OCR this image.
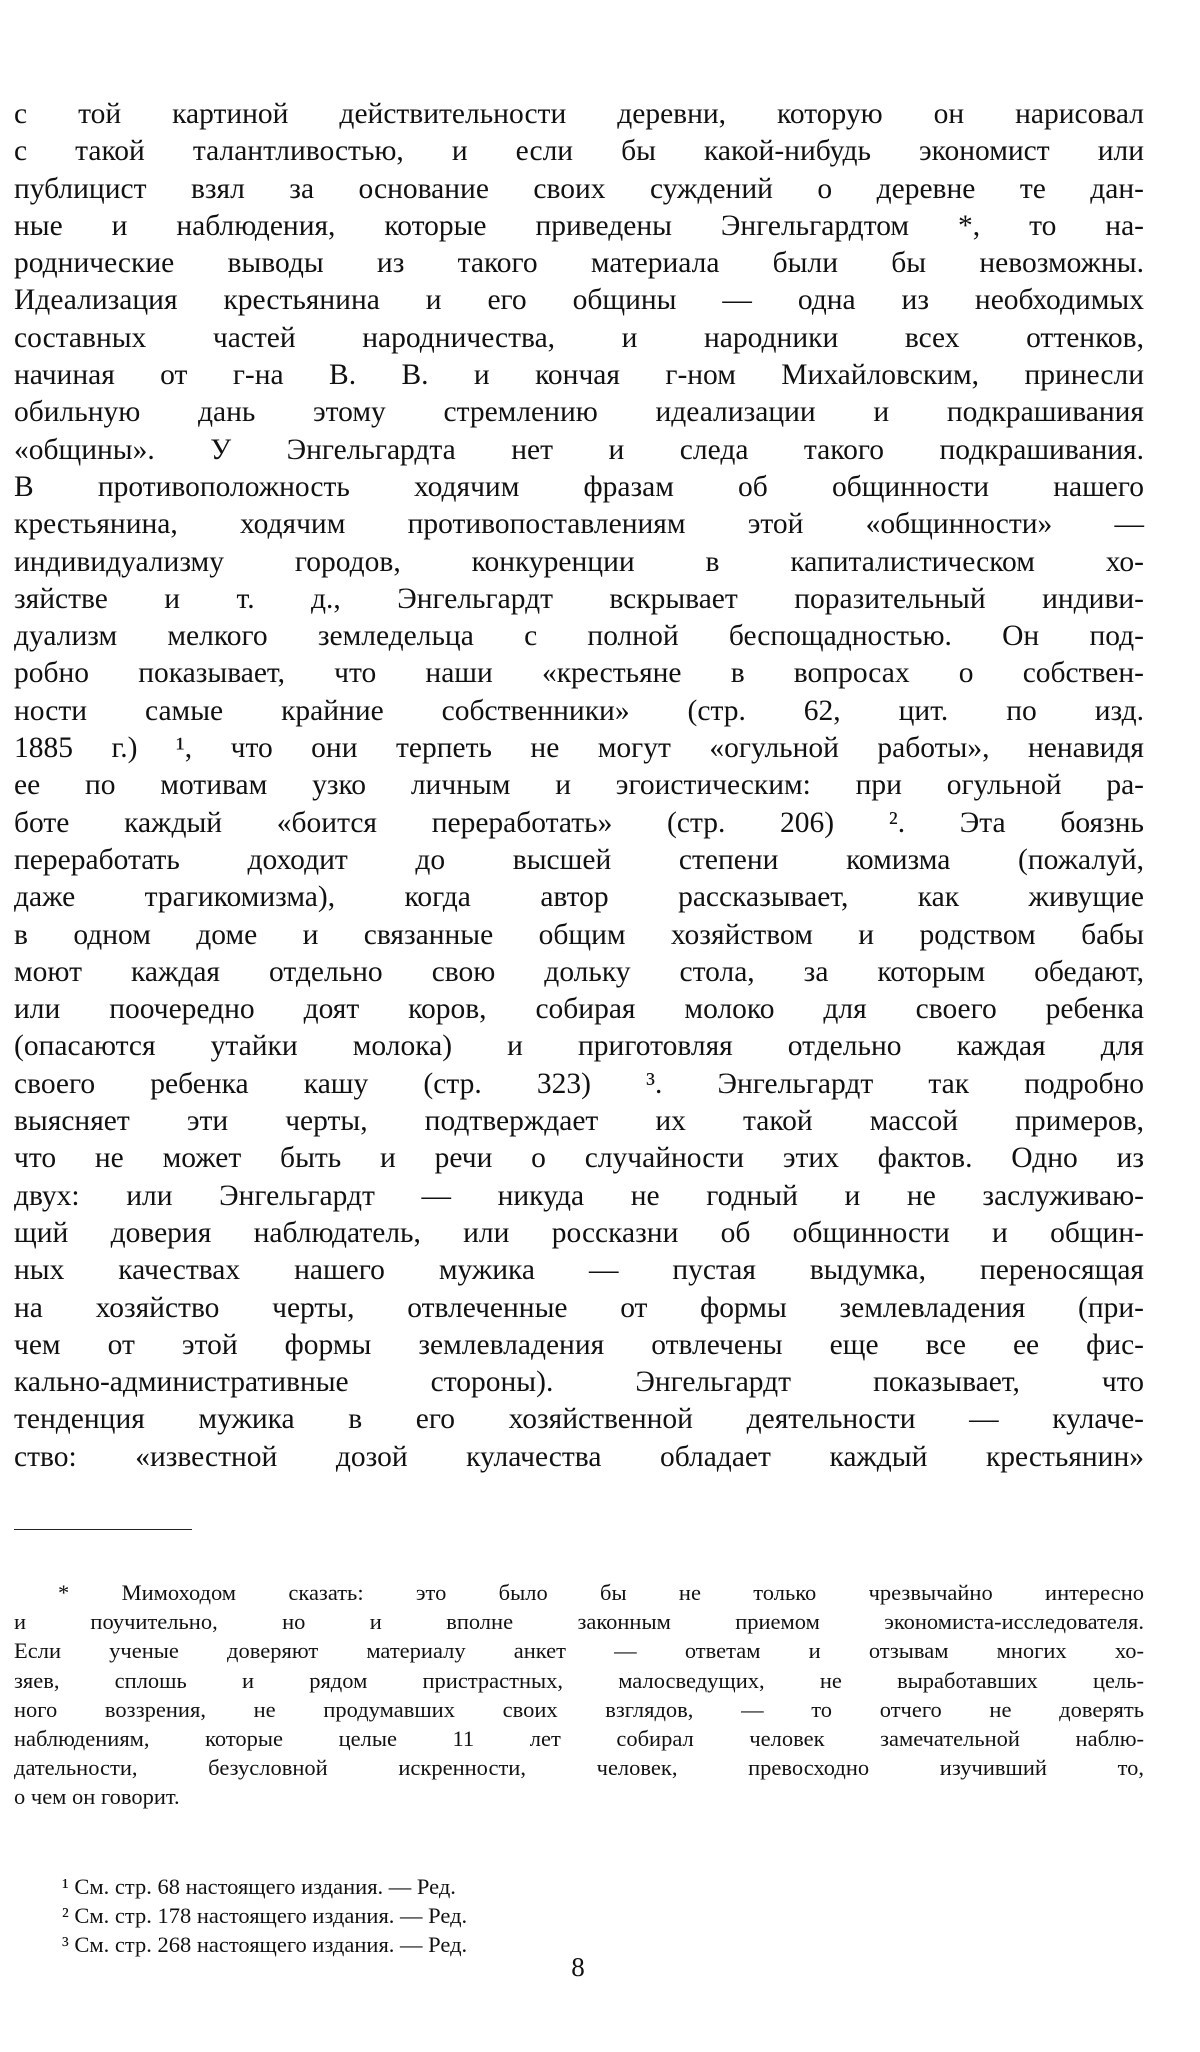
с той картиной действительности деревни, которую он нарисовал
с такой талантливостью, и если бы какой-нибудь экономист или
публицист взял за основание своих суждений о деревне те дан-
ные и наблюдения, которые приведены Энгельгардтом *, то на-
роднические выводы из такого материала были бы невозможны.
Идеализация крестьянина и его общины — одна из необходимых
составных частей народничества, и народники всех оттенков,
начиная от г-на В. В. и кончая г-ном Михайловским, принесли
обильную дань этому стремлению идеализации и подкрашивания
«общины». У Энгельгардта нет и следа такого подкрашивания.
В противоположность ходячим фразам об общинности нашего
крестьянина, ходячим противопоставлениям этой «общинности» —
индивидуализму городов, конкуренции в капиталистическом хо-
зяйстве и т. д., Энгельгардт вскрывает поразительный индиви-
дуализм мелкого земледельца с полной беспощадностью. Он под-
робно показывает, что наши «крестьяне в вопросах о собствен-
ности самые крайние собственники» (стр. 62, цит. по изд.
1885 г.) ¹, что они терпеть не могут «огульной работы», ненавидя
ее по мотивам узко личным и эгоистическим: при огульной ра-
боте каждый «боится переработать» (стр. 206) ². Эта боязнь
переработать доходит до высшей степени комизма (пожалуй,
даже трагикомизма), когда автор рассказывает, как живущие
в одном доме и связанные общим хозяйством и родством бабы
моют каждая отдельно свою дольку стола, за которым обедают,
или поочередно доят коров, собирая молоко для своего ребенка
(опасаются утайки молока) и приготовляя отдельно каждая для
своего ребенка кашу (стр. 323) ³. Энгельгардт так подробно
выясняет эти черты, подтверждает их такой массой примеров,
что не может быть и речи о случайности этих фактов. Одно из
двух: или Энгельгардт — никуда не годный и не заслуживаю-
щий доверия наблюдатель, или россказни об общинности и общин-
ных качествах нашего мужика — пустая выдумка, переносящая
на хозяйство черты, отвлеченные от формы землевладения (при-
чем от этой формы землевладения отвлечены еще все ее фис-
кально-административные стороны). Энгельгардт показывает, что
тенденция мужика в его хозяйственной деятельности — кулаче-
ство: «известной дозой кулачества обладает каждый крестьянин»
* Мимоходом сказать: это было бы не только чрезвычайно интересно
и поучительно, но и вполне законным приемом экономиста-исследователя.
Если ученые доверяют материалу анкет — ответам и отзывам многих хо-
зяев, сплошь и рядом пристрастных, малосведущих, не выработавших цель-
ного воззрения, не продумавших своих взглядов, — то отчего не доверять
наблюдениям, которые целые 11 лет собирал человек замечательной наблю-
дательности, безусловной искренности, человек, превосходно изучивший то,
о чем он говорит.
¹ См. стр. 68 настоящего издания. — Ред.
² См. стр. 178 настоящего издания. — Ред.
³ См. стр. 268 настоящего издания. — Ред.
8
